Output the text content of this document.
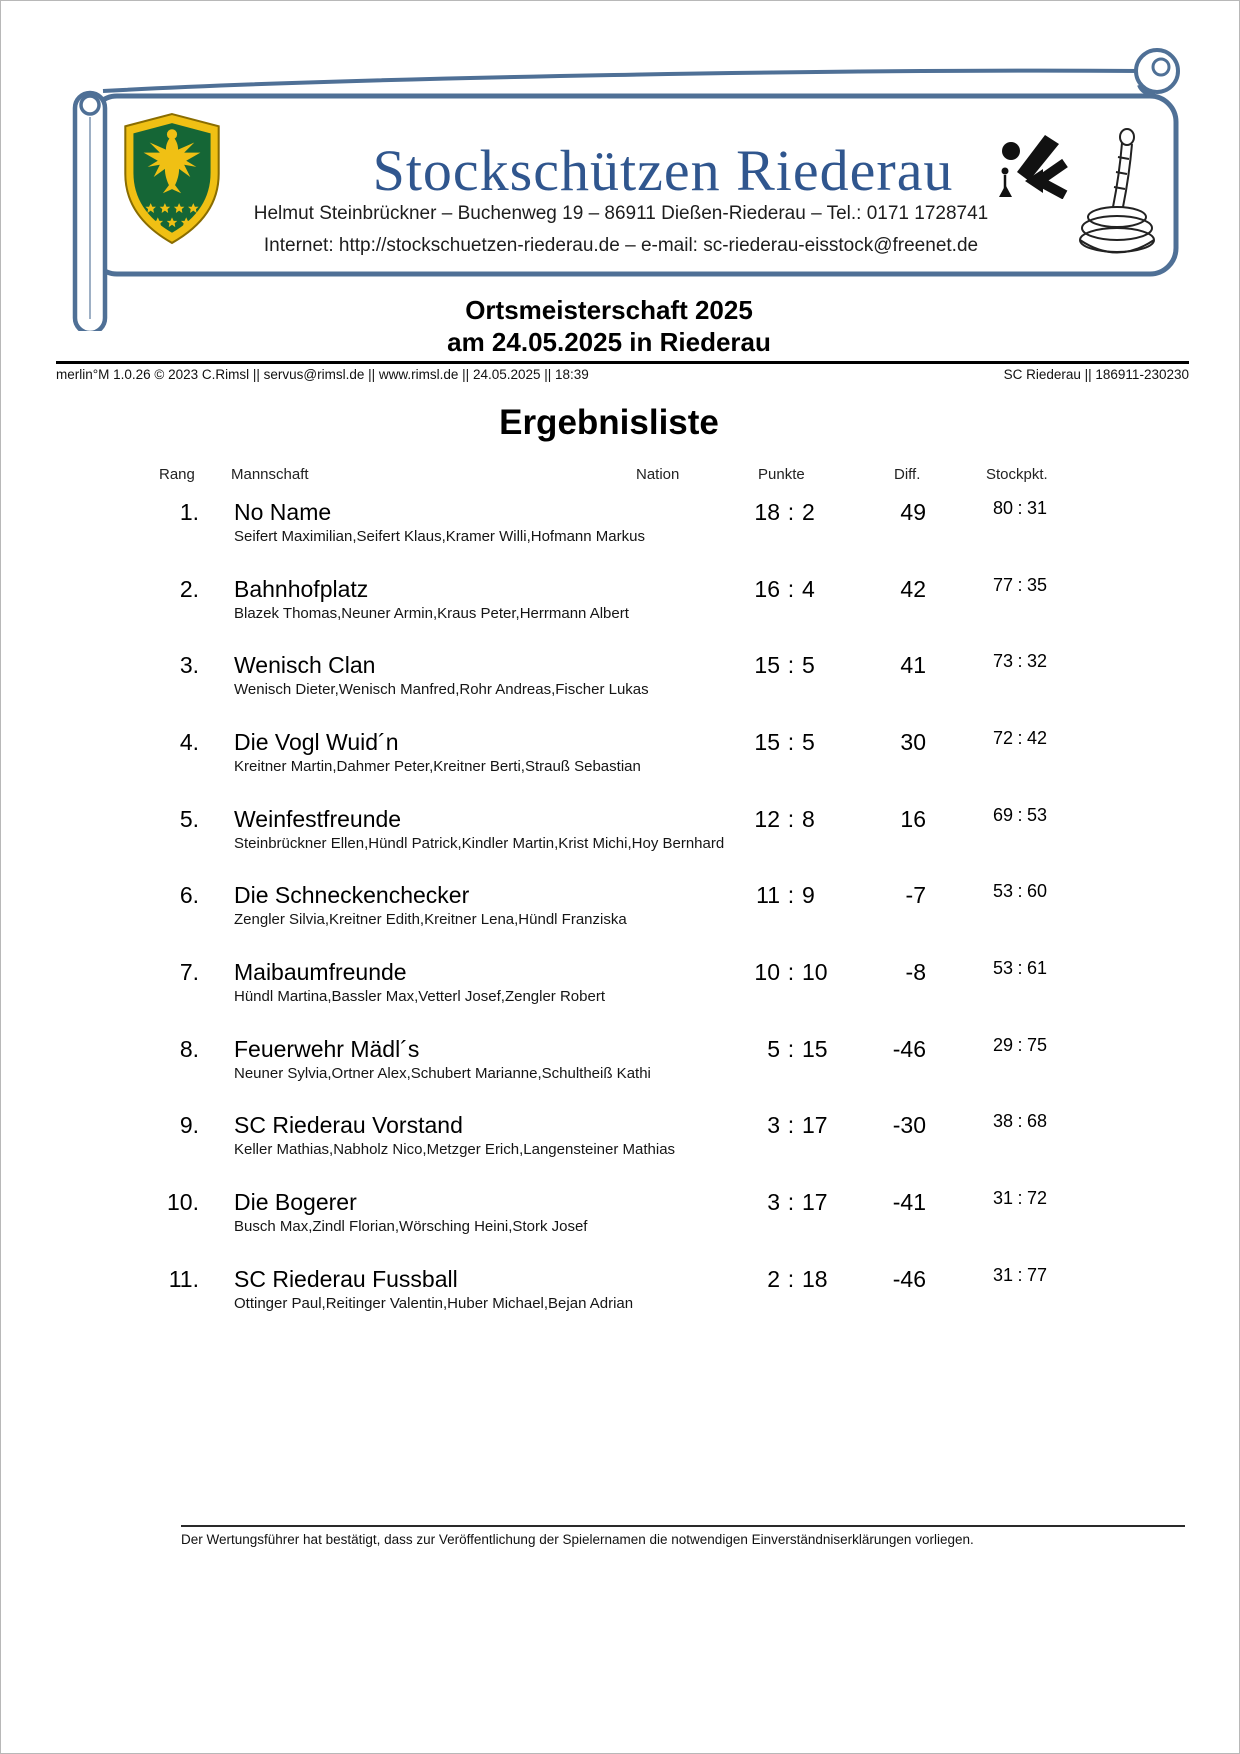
Stockschützen Riederau
Helmut Steinbrückner – Buchenweg 19 – 86911 Dießen-Riederau – Tel.: 0171 1728741
Internet: http://stockschuetzen-riederau.de – e-mail: sc-riederau-eisstock@freenet.de
Ortsmeisterschaft 2025
am 24.05.2025 in Riederau
merlin°M 1.0.26 © 2023 C.Rimsl || servus@rimsl.de || www.rimsl.de || 24.05.2025 || 18:39	SC Riederau || 186911-230230
Ergebnisliste
Rang Mannschaft	Nation	Punkte	Diff.	Stockpkt.
1. No Name
Seifert Maximilian,Seifert Klaus,Kramer Willi,Hofmann Markus
18 : 2	49	80 : 31
2. Bahnhofplatz
Blazek Thomas,Neuner Armin,Kraus Peter,Herrmann Albert
16 : 4	42	77 : 35
3. Wenisch Clan
Wenisch Dieter,Wenisch Manfred,Rohr Andreas,Fischer Lukas
15 : 5	41	73 : 32
4. Die Vogl Wuid´n
Kreitner Martin,Dahmer Peter,Kreitner Berti,Strauß Sebastian
15 : 5	30	72 : 42
5. Weinfestfreunde
Steinbrückner Ellen,Hündl Patrick,Kindler Martin,Krist Michi,Hoy Bernhard
12 : 8	16	69 : 53
6. Die Schneckenchecker
Zengler Silvia,Kreitner Edith,Kreitner Lena,Hündl Franziska
11 : 9	-7	53 : 60
7. Maibaumfreunde
Hündl Martina,Bassler Max,Vetterl Josef,Zengler Robert
10 : 10	-8	53 : 61
8. Feuerwehr Mädl´s
Neuner Sylvia,Ortner Alex,Schubert Marianne,Schultheiß Kathi
5 : 15	-46	29 : 75
9. SC Riederau Vorstand
Keller Mathias,Nabholz Nico,Metzger Erich,Langensteiner Mathias
3 : 17	-30	38 : 68
10. Die Bogerer
Busch Max,Zindl Florian,Wörsching Heini,Stork Josef
3 : 17	-41	31 : 72
11. SC Riederau Fussball
Ottinger Paul,Reitinger Valentin,Huber Michael,Bejan Adrian
2 : 18	-46	31 : 77
Der Wertungsführer hat bestätigt, dass zur Veröffentlichung der Spielernamen die notwendigen Einverständniserklärungen vorliegen.
